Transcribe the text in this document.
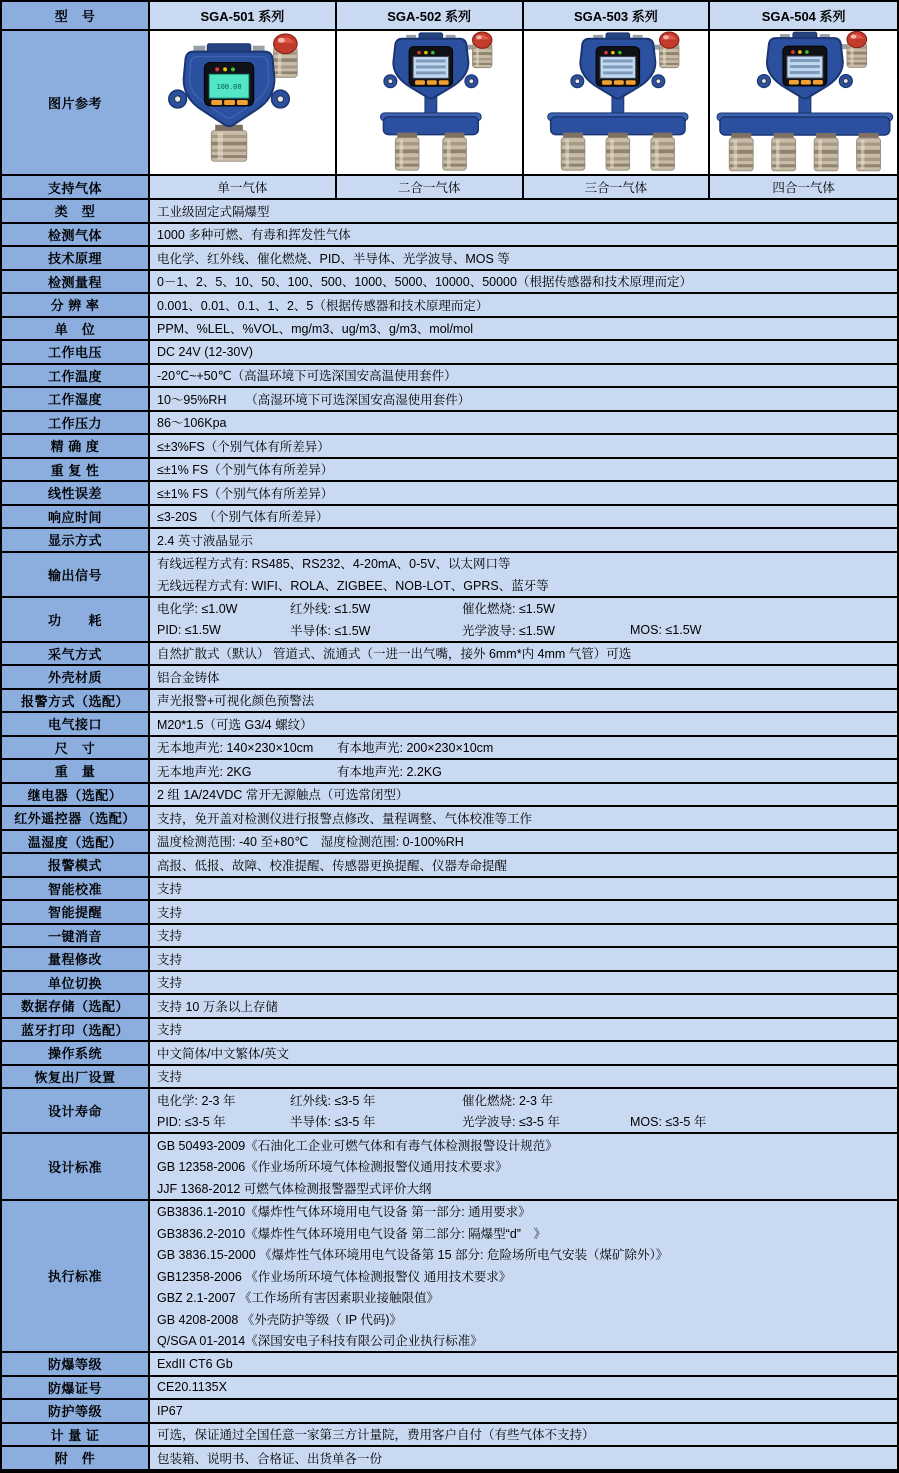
型　号	SGA-501 系列	SGA-502 系列	SGA-503 系列	SGA-504 系列
图片参考
100.00
支持气体	单一气体	二合一气体	三合一气体	四合一气体
类　型	工业级固定式隔爆型
检测气体	1000 多种可燃、有毒和挥发性气体
技术原理	电化学、红外线、催化燃烧、PID、半导体、光学波导、MOS 等
检测量程	0－1、2、5、10、50、100、500、1000、5000、10000、50000（根据传感器和技术原理而定）
分 辨 率	0.001、0.01、0.1、1、2、5（根据传感器和技术原理而定）
单　位	PPM、%LEL、%VOL、mg/m3、ug/m3、g/m3、mol/mol
工作电压	DC 24V (12-30V)
工作温度	-20℃~+50℃（高温环境下可选深国安高温使用套件）
工作湿度	10～95%RH　　（高湿环境下可选深国安高湿使用套件）
工作压力	86～106Kpa
精 确 度	≤±3%FS（个别气体有所差异）
重 复 性	≤±1% FS（个别气体有所差异）
线性误差	≤±1% FS（个别气体有所差异）
响应时间	≤3-20S　（个别气体有所差异）
显示方式	2.4 英寸液晶显示
输出信号
有线远程方式有: RS485、RS232、4-20mA、0-5V、以太网口等
无线远程方式有: WIFI、ROLA、ZIGBEE、NOB-LOT、GPRS、蓝牙等
功　　耗
电化学: ≤1.0W	红外线: ≤1.5W	催化燃烧: ≤1.5W
PID: ≤1.5W	半导体: ≤1.5W	光学波导: ≤1.5W	MOS: ≤1.5W
采气方式	自然扩散式（默认） 管道式、流通式（一进一出气嘴，接外 6mm*内 4mm 气管）可选
外壳材质	铝合金铸体
报警方式（选配）	声光报警+可视化颜色预警法
电气接口	M20*1.5（可选 G3/4 螺纹）
尺　寸	无本地声光: 140×230×10cm	有本地声光: 200×230×10cm
重　量	无本地声光: 2KG	有本地声光: 2.2KG
继电器（选配）	2 组 1A/24VDC 常开无源触点（可选常闭型）
红外遥控器（选配）	支持，免开盖对检测仪进行报警点修改、量程调整、气体校准等工作
温湿度（选配）	温度检测范围: -40 至+80℃　湿度检测范围: 0-100%RH
报警模式	高报、低报、故障、校准提醒、传感器更换提醒、仪器寿命提醒
智能校准	支持
智能提醒	支持
一键消音	支持
量程修改	支持
单位切换	支持
数据存储（选配）	支持 10 万条以上存储
蓝牙打印（选配）	支持
操作系统	中文简体/中文繁体/英文
恢复出厂设置	支持
设计寿命
电化学: 2-3 年	红外线: ≤3-5 年	催化燃烧: 2-3 年
PID: ≤3-5 年	半导体: ≤3-5 年	光学波导: ≤3-5 年	MOS: ≤3-5 年
设计标准
GB 50493-2009《石油化工企业可燃气体和有毒气体检测报警设计规范》
GB 12358-2006《作业场所环境气体检测报警仪通用技术要求》
JJF 1368-2012 可燃气体检测报警器型式评价大纲
执行标准
GB3836.1-2010《爆炸性气体环境用电气设备 第一部分: 通用要求》
GB3836.2-2010《爆炸性气体环境用电气设备 第二部分: 隔爆型“d”　》
GB 3836.15-2000 《爆炸性气体环境用电气设备第 15 部分: 危险场所电气安装（煤矿除外）》
GB12358-2006 《作业场所环境气体检测报警仪 通用技术要求》
GBZ 2.1-2007 《工作场所有害因素职业接触限值》
GB 4208-2008 《外壳防护等级（ IP 代码)》
Q/SGA 01-2014《深国安电子科技有限公司企业执行标准》
防爆等级	ExdII CT6 Gb
防爆证号	CE20.1135X
防护等级	IP67
计 量 证	可选，保证通过全国任意一家第三方计量院，费用客户自付（有些气体不支持）
附　件	包装箱、说明书、合格证、出货单各一份
